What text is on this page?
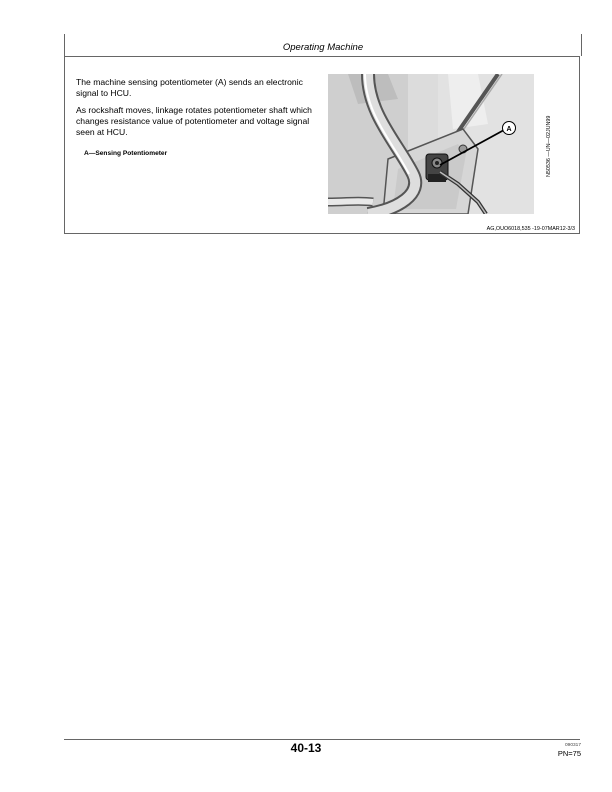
Operating Machine

The machine sensing potentiometer (A) sends an electronic signal to HCU.

As rockshaft moves, linkage rotates potentiometer shaft which changes resistance value of potentiometer and voltage signal seen at HCU.

A—Sensing Potentiometer
A	N50536 —UN—02JUN99
AG,OUO6018,535 -19-07MAR12-3/3
40-13	090317
PN=75
